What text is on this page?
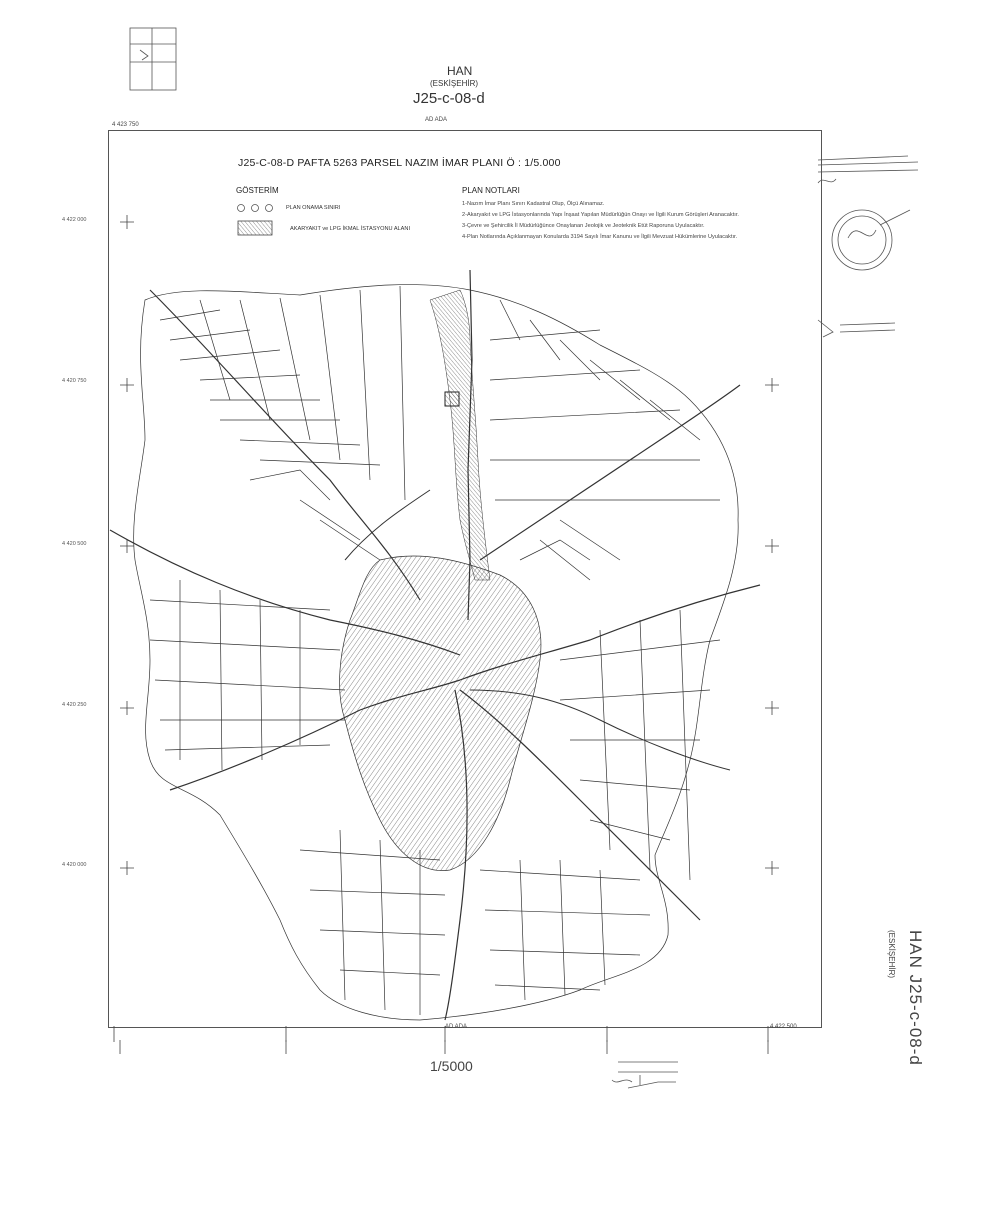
HAN
(ESKİŞEHİR)
J25-c-08-d
4 423 750
AD ADA
AD ADA	4 422 500
4 422 000
4 420 750
4 420 500
4 420 250
4 420 000
J25-C-08-D PAFTA 5263 PARSEL NAZIM İMAR PLANI Ö : 1/5.000
GÖSTERİM
PLAN ONAMA SINIRI
AKARYAKIT ve LPG İKMAL İSTASYONU ALANI
PLAN NOTLARI
1-Nazım İmar Planı Sınırı Kadastral Olup, Ölçü Alınamaz.
2-Akaryakıt ve LPG İstasyonlarında Yapı İnşaat Yapılan Müdürlüğün Onayı ve İlgili Kurum Görüşleri Aranacaktır.
3-Çevre ve Şehircilik İl Müdürlüğünce Onaylanan Jeolojik ve Jeoteknik Etüt Raporuna Uyulacaktır.
4-Plan Notlarında Açıklanmayan Konularda 3194 Sayılı İmar Kanunu ve İlgili Mevzuat Hükümlerine Uyulacaktır.
1/5000
HAN J25-c-08-d
(ESKİŞEHİR)
